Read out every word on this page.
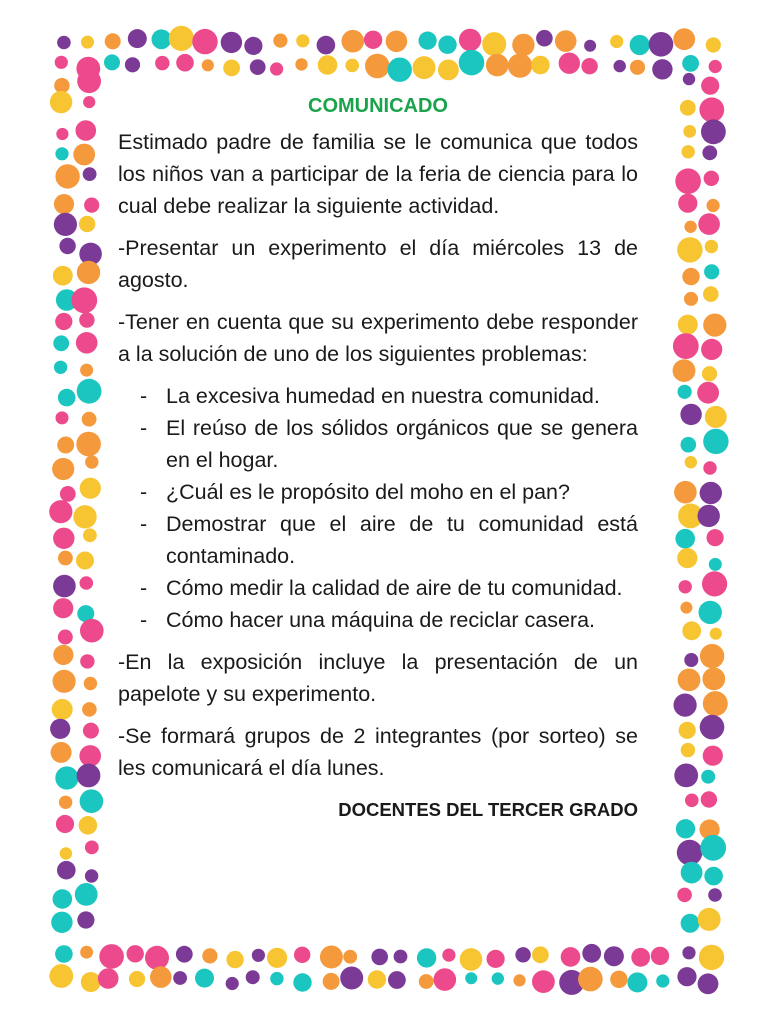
COMUNICADO

Estimado padre de familia se le comunica que todos los niños van a participar de la feria de ciencia para lo cual debe realizar la siguiente actividad.

-Presentar un experimento el día miércoles 13 de agosto.

-Tener en cuenta que su experimento debe responder a la solución de uno de los siguientes problemas:

- La excesiva humedad en nuestra comunidad.
- El reúso de los sólidos orgánicos que se genera en el hogar.
- ¿Cuál es le propósito del moho en el pan?
- Demostrar que el aire de tu comunidad está contaminado.
- Cómo medir la calidad de aire de tu comunidad.
- Cómo hacer una máquina de reciclar casera.

-En la exposición incluye la presentación de un papelote y su experimento.

-Se formará grupos de 2 integrantes (por sorteo) se les comunicará el día lunes.

DOCENTES DEL TERCER GRADO
